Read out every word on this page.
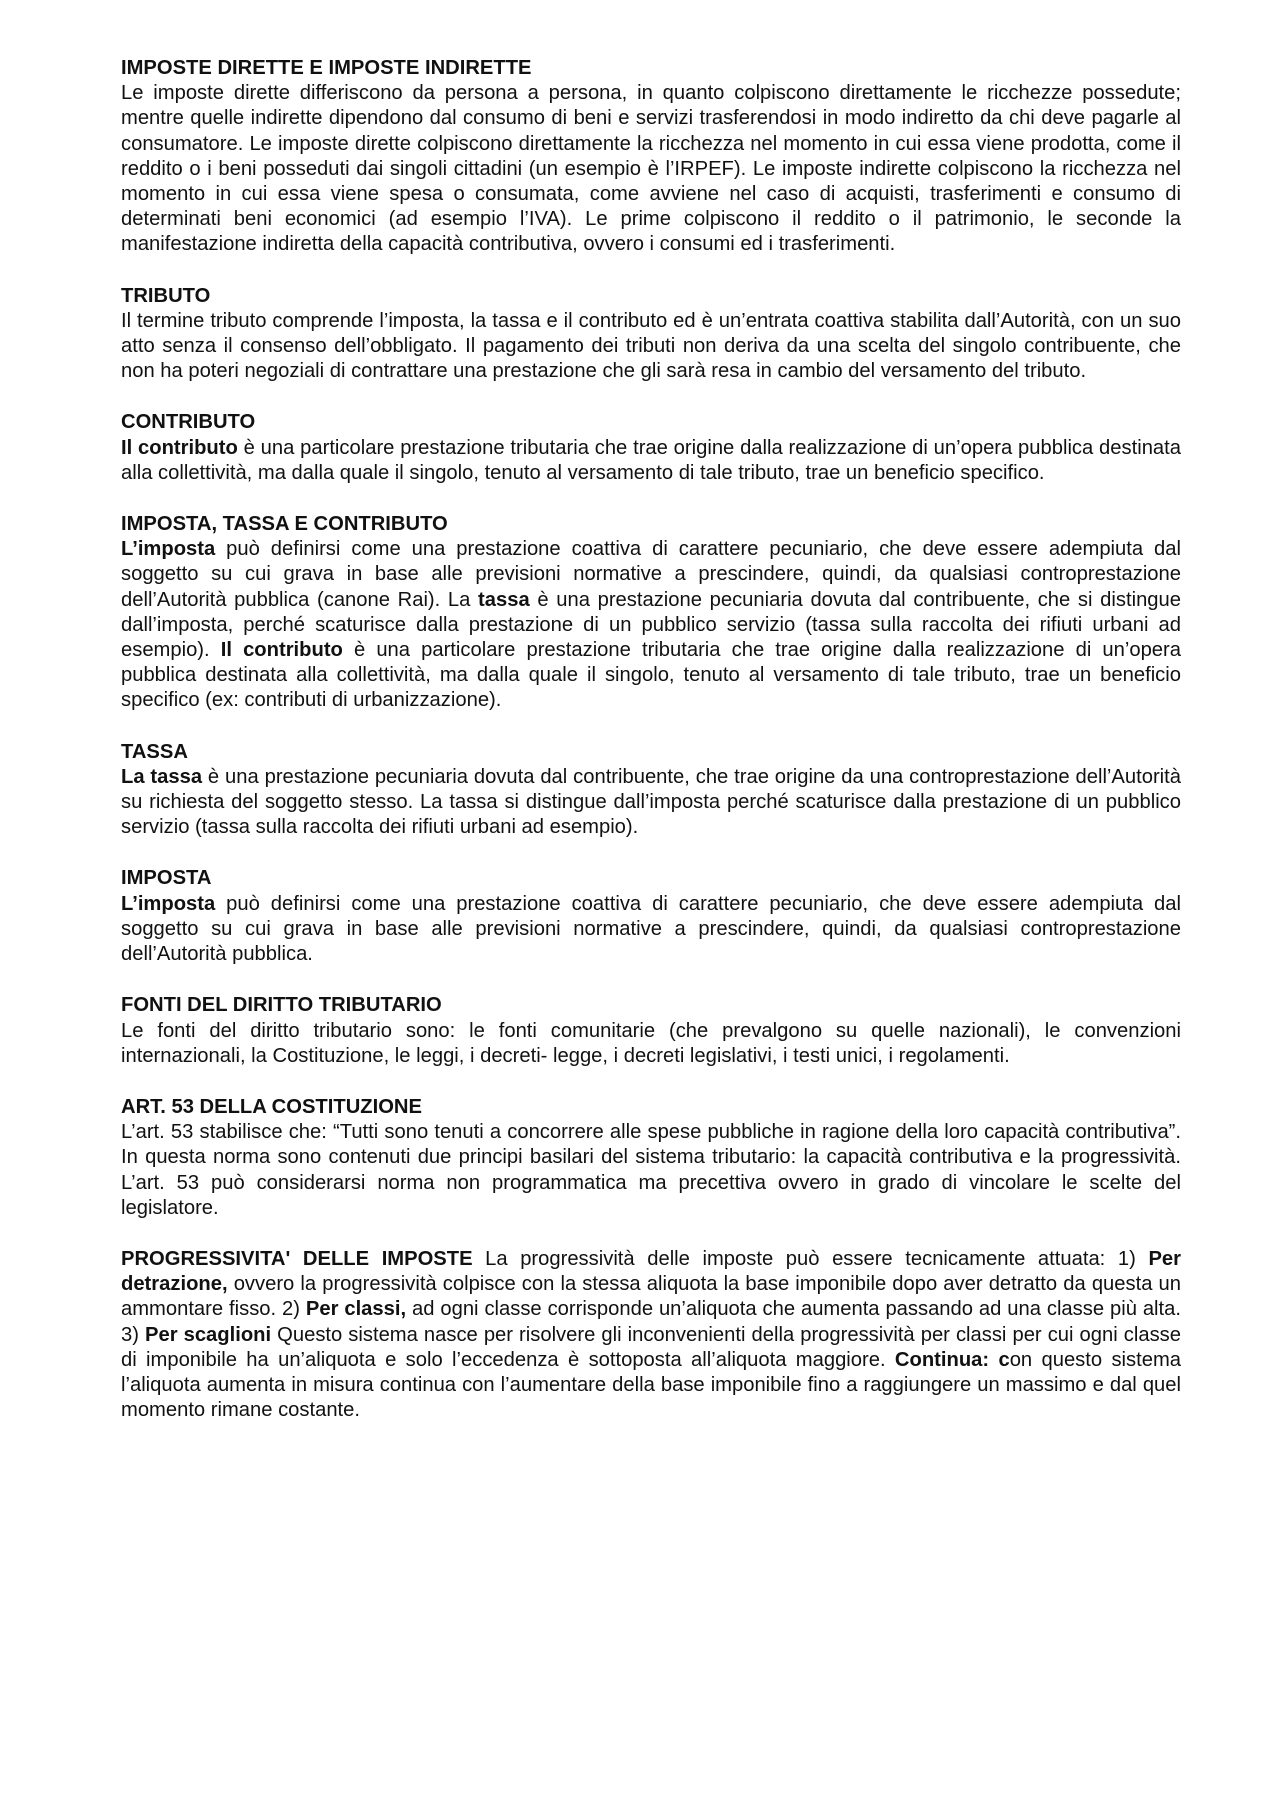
IMPOSTE DIRETTE E IMPOSTE INDIRETTE

Le imposte dirette differiscono da persona a persona, in quanto colpiscono direttamente le ricchezze possedute; mentre quelle indirette dipendono dal consumo di beni e servizi trasferendosi in modo indiretto da chi deve pagarle al consumatore. Le imposte dirette colpiscono direttamente la ricchezza nel momento in cui essa viene prodotta, come il reddito o i beni posseduti dai singoli cittadini (un esempio è l’IRPEF). Le imposte indirette colpiscono la ricchezza nel momento in cui essa viene spesa o consumata, come avviene nel caso di acquisti, trasferimenti e consumo di determinati beni economici (ad esempio l’IVA). Le prime colpiscono il reddito o il patrimonio, le seconde la manifestazione indiretta della capacità contributiva, ovvero i consumi ed i trasferimenti.

TRIBUTO

Il termine tributo comprende l’imposta, la tassa e il contributo ed è un’entrata coattiva stabilita dall’Autorità, con un suo atto senza il consenso dell’obbligato. Il pagamento dei tributi non deriva da una scelta del singolo contribuente, che non ha poteri negoziali di contrattare una prestazione che gli sarà resa in cambio del versamento del tributo.

CONTRIBUTO

Il contributo è una particolare prestazione tributaria che trae origine dalla realizzazione di un’opera pubblica destinata alla collettività, ma dalla quale il singolo, tenuto al versamento di tale tributo, trae un beneficio specifico.

IMPOSTA, TASSA E CONTRIBUTO

L’imposta può definirsi come una prestazione coattiva di carattere pecuniario, che deve essere adempiuta dal soggetto su cui grava in base alle previsioni normative a prescindere, quindi, da qualsiasi controprestazione dell’Autorità pubblica (canone Rai). La tassa è una prestazione pecuniaria dovuta dal contribuente, che si distingue dall’imposta, perché scaturisce dalla prestazione di un pubblico servizio (tassa sulla raccolta dei rifiuti urbani ad esempio). Il contributo è una particolare prestazione tributaria che trae origine dalla realizzazione di un’opera pubblica destinata alla collettività, ma dalla quale il singolo, tenuto al versamento di tale tributo, trae un beneficio specifico (ex: contributi di urbanizzazione).

TASSA

La tassa è una prestazione pecuniaria dovuta dal contribuente, che trae origine da una controprestazione dell’Autorità su richiesta del soggetto stesso. La tassa si distingue dall’imposta perché scaturisce dalla prestazione di un pubblico servizio (tassa sulla raccolta dei rifiuti urbani ad esempio).

IMPOSTA

L’imposta può definirsi come una prestazione coattiva di carattere pecuniario, che deve essere adempiuta dal soggetto su cui grava in base alle previsioni normative a prescindere, quindi, da qualsiasi controprestazione dell’Autorità pubblica.

FONTI DEL DIRITTO TRIBUTARIO

Le fonti del diritto tributario sono: le fonti comunitarie (che prevalgono su quelle nazionali), le convenzioni internazionali, la Costituzione, le leggi, i decreti- legge, i decreti legislativi, i testi unici, i regolamenti.

ART. 53 DELLA COSTITUZIONE

L’art. 53 stabilisce che: “Tutti sono tenuti a concorrere alle spese pubbliche in ragione della loro capacità contributiva”. In questa norma sono contenuti due principi basilari del sistema tributario: la capacità contributiva e la progressività. L’art. 53 può considerarsi norma non programmatica ma precettiva ovvero in grado di vincolare le scelte del legislatore.

PROGRESSIVITA' DELLE IMPOSTE La progressività delle imposte può essere tecnicamente attuata: 1) Per detrazione, ovvero la progressività colpisce con la stessa aliquota la base imponibile dopo aver detratto da questa un ammontare fisso. 2) Per classi, ad ogni classe corrisponde un’aliquota che aumenta passando ad una classe più alta. 3) Per scaglioni Questo sistema nasce per risolvere gli inconvenienti della progressività per classi per cui ogni classe di imponibile ha un’aliquota e solo l’eccedenza è sottoposta all’aliquota maggiore. Continua: con questo sistema l’aliquota aumenta in misura continua con l’aumentare della base imponibile fino a raggiungere un massimo e dal quel momento rimane costante.
